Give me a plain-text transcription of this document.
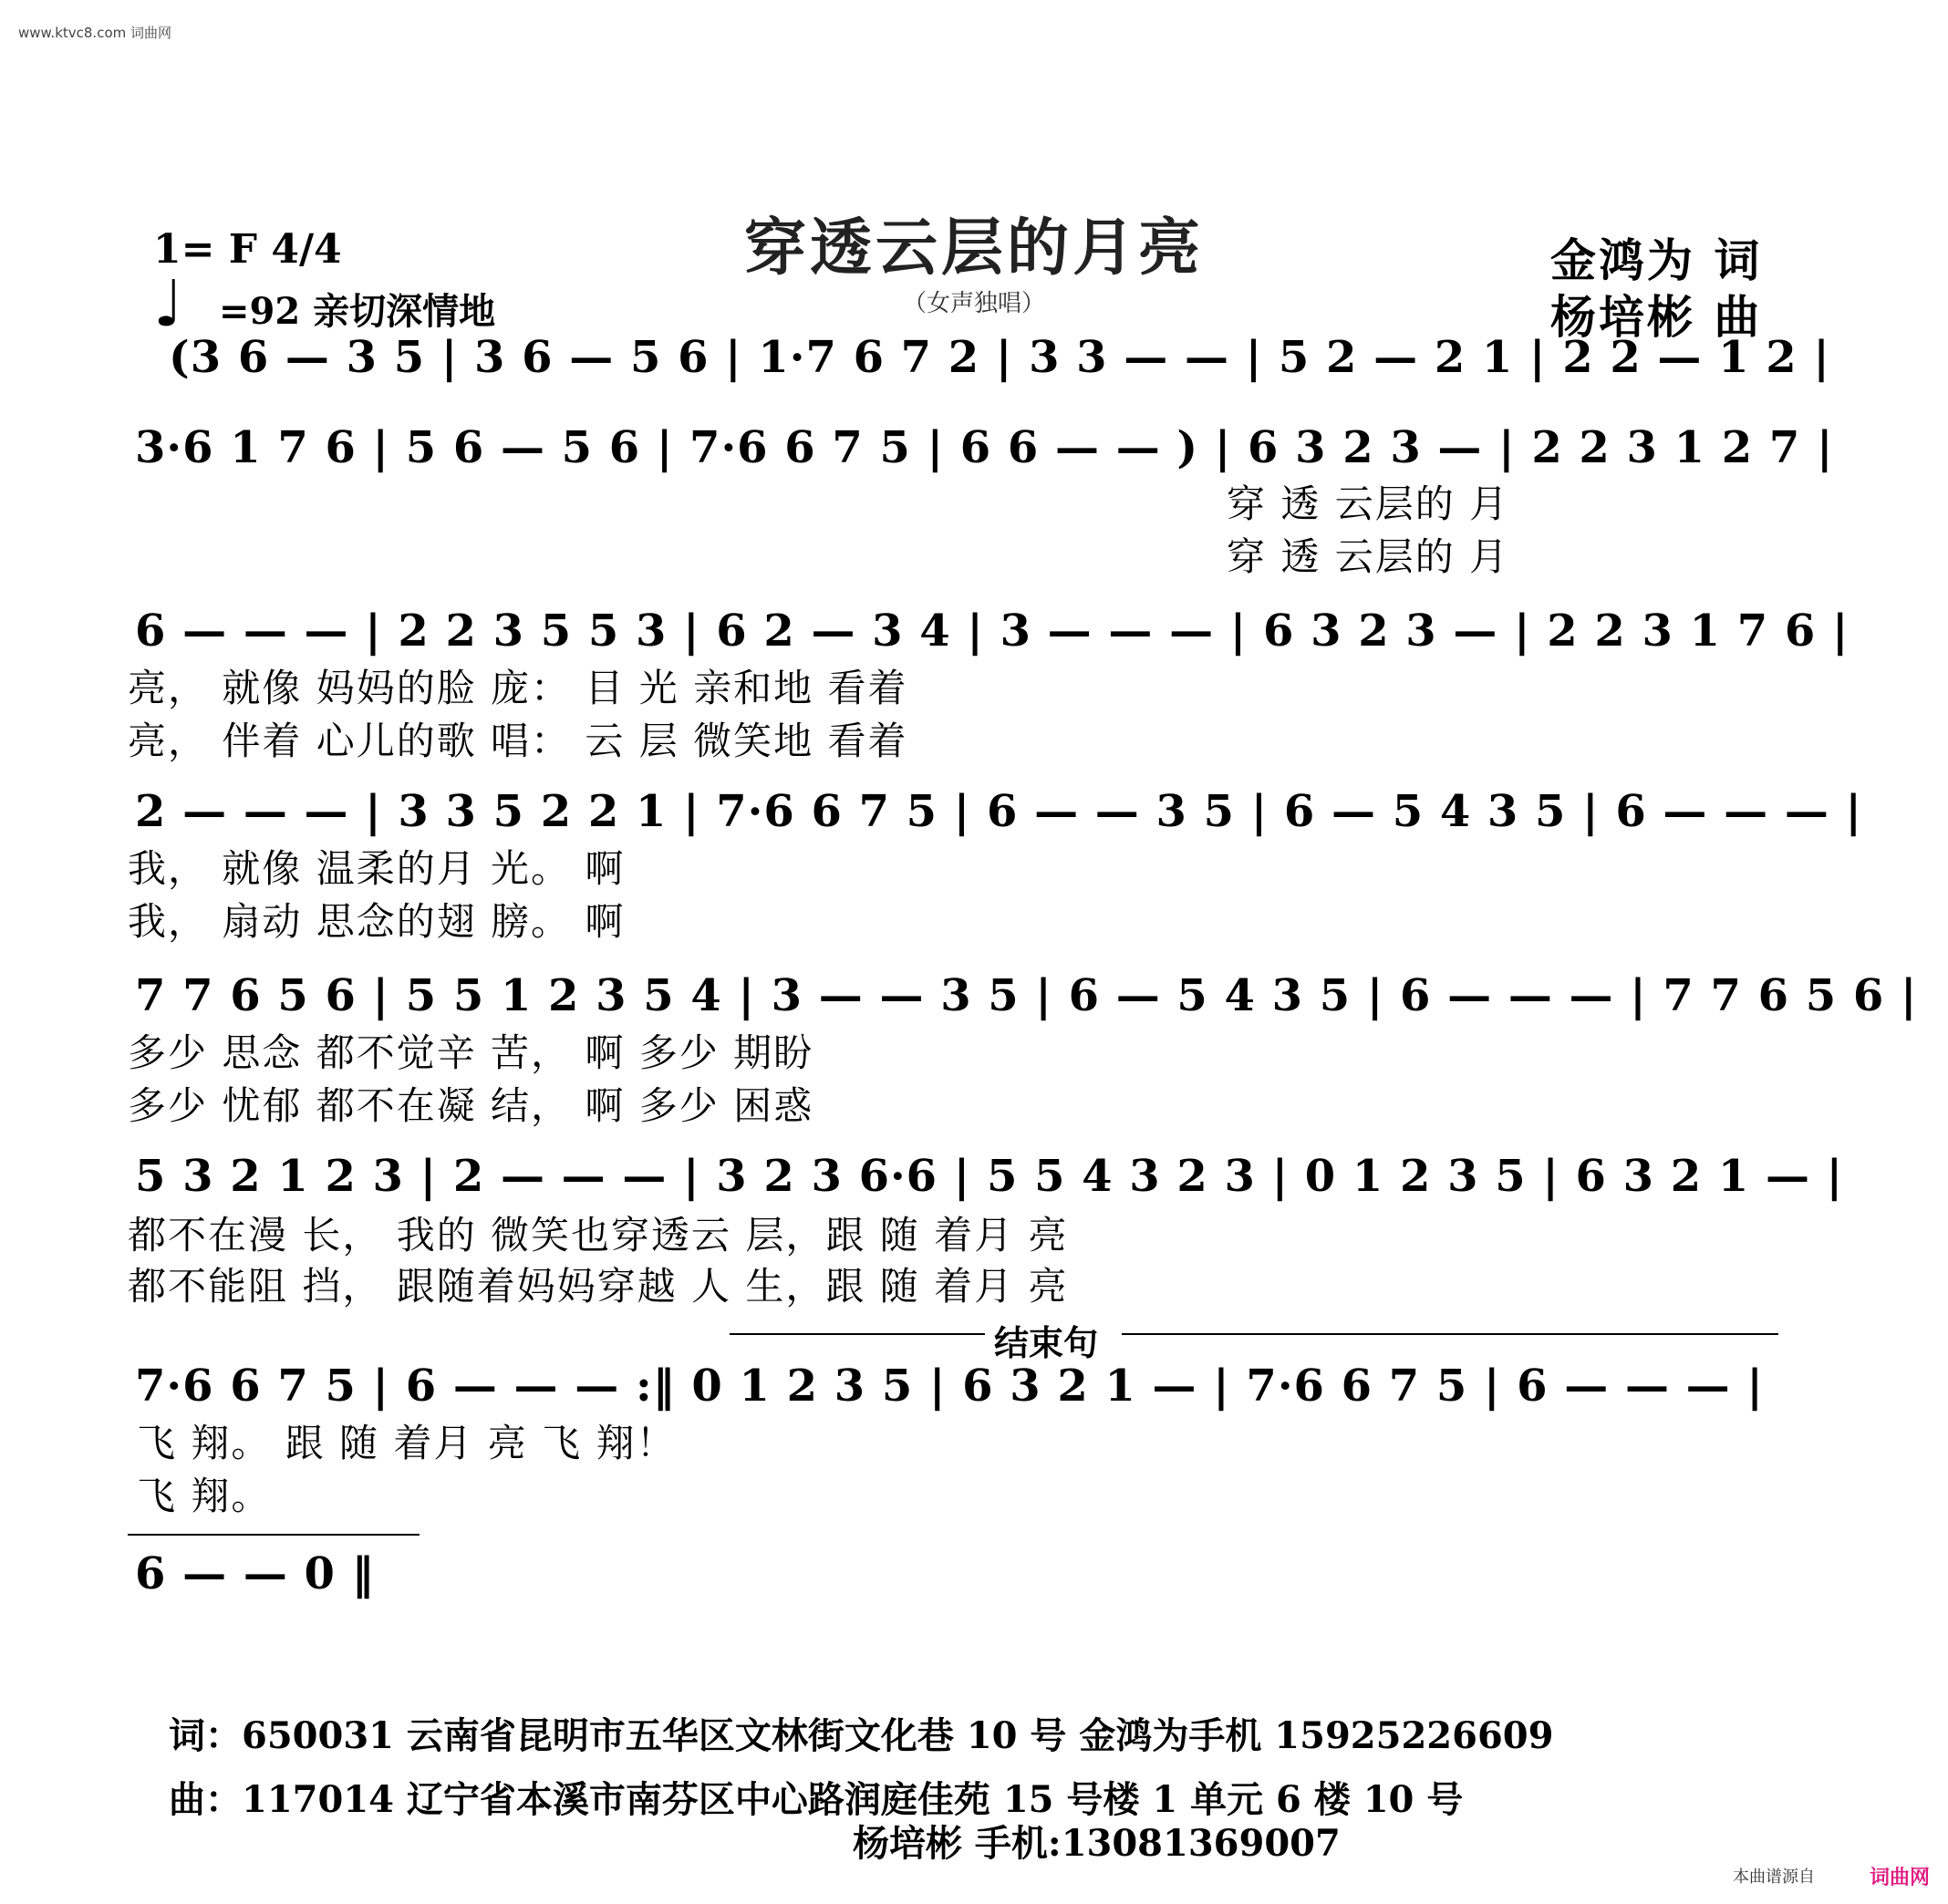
www.ktvc8.com 词曲网
穿透云层的月亮
（女声独唱）
1= F 4/4
♩ =92 亲切深情地
金鸿为 词
杨培彬 曲
(3 6 — 3 5 | 3 6 — 5 6 | 1·7 6 7 2 | 3 3 — — | 5 2 — 2 1 | 2 2 — 1 2 |
3·6 1 7 6 | 5 6 — 5 6 | 7·6 6 7 5 | 6 6 — — ) | 6 3 2 3 — | 2 2 3 1 2 7 |
穿 透 云层的 月
穿 透 云层的 月
6 — — — | 2 2 3 5 5 3 | 6 2 — 3 4 | 3 — — — | 6 3 2 3 — | 2 2 3 1 7 6 |
亮， 就像 妈妈的脸 庞： 目 光 亲和地 看着
亮， 伴着 心儿的歌 唱： 云 层 微笑地 看着
2 — — — | 3 3 5 2 2 1 | 7·6 6 7 5 | 6 — — 3 5 | 6 — 5 4 3 5 | 6 — — — |
我， 就像 温柔的月 光。 啊
我， 扇动 思念的翅 膀。 啊
7 7 6 5 6 | 5 5 1 2 3 5 4 | 3 — — 3 5 | 6 — 5 4 3 5 | 6 — — — | 7 7 6 5 6 |
多少 思念 都不觉辛 苦， 啊 多少 期盼
多少 忧郁 都不在凝 结， 啊 多少 困惑
5 3 2 1 2 3 | 2 — — — | 3 2 3 6·6 | 5 5 4 3 2 3 | 0 1 2 3 5 | 6 3 2 1 — |
都不在漫 长， 我的 微笑也穿透云 层，跟 随 着月 亮
都不能阻 挡， 跟随着妈妈穿越 人 生，跟 随 着月 亮
结束句
7·6 6 7 5 | 6 — — — :‖ 0 1 2 3 5 | 6 3 2 1 — | 7·6 6 7 5 | 6 — — — |
飞 翔。 跟 随 着月 亮 飞 翔！
飞 翔。
6 — — 0 ‖
词：650031 云南省昆明市五华区文林街文化巷 10 号 金鸿为手机 15925226609
曲：117014 辽宁省本溪市南芬区中心路润庭佳苑 15 号楼 1 单元 6 楼 10 号
杨培彬 手机:13081369007
本曲谱源自	词曲网
